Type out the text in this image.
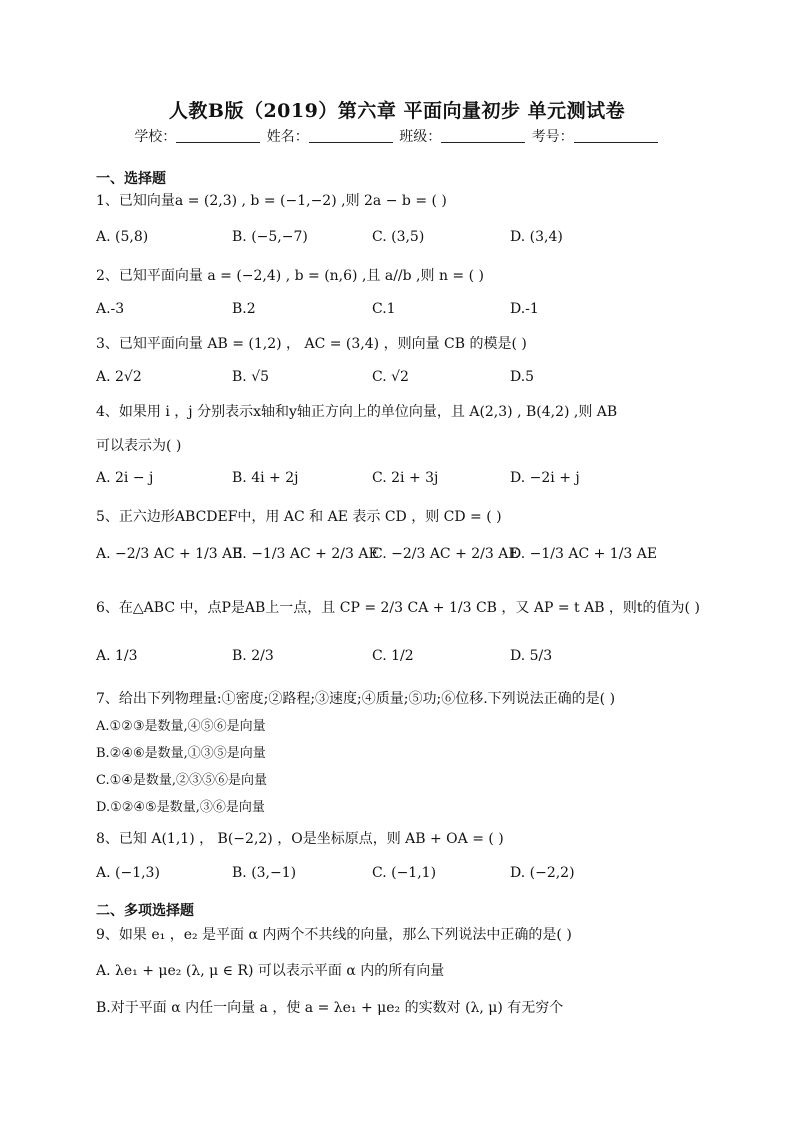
人教B版（2019）第六章 平面向量初步 单元测试卷
学校：	姓名：	班级：	考号：
一、选择题
1、已知向量a = (2,3) , b = (−1,−2) ,则 2a − b = ( )
A. (5,8)	B. (−5,−7)	C. (3,5)	D. (3,4)
2、已知平面向量 a = (−2,4) , b = (n,6) ,且 a//b ,则 n = ( )
A.-3	B.2	C.1	D.-1
3、已知平面向量 AB = (1,2) ， AC = (3,4) ，则向量 CB 的模是( )
A. 2√2	B. √5	C. √2	D.5
4、如果用 i ，j 分别表示x轴和y轴正方向上的单位向量，且 A(2,3) , B(4,2) ,则 AB
可以表示为( )
A. 2i − j	B. 4i + 2j	C. 2i + 3j	D. −2i + j
5、正六边形ABCDEF中，用 AC 和 AE 表示 CD ，则 CD = ( )
A. −2/3 AC + 1/3 AE
B. −1/3 AC + 2/3 AE
C. −2/3 AC + 2/3 AE
D. −1/3 AC + 1/3 AE
6、在△ABC 中，点P是AB上一点，且 CP = 2/3 CA + 1/3 CB ，又 AP = t AB ，则t的值为( )
A. 1/3	B. 2/3	C. 1/2	D. 5/3
7、给出下列物理量:①密度;②路程;③速度;④质量;⑤功;⑥位移.下列说法正确的是( )
A.①②③是数量,④⑤⑥是向量
B.②④⑥是数量,①③⑤是向量
C.①④是数量,②③⑤⑥是向量
D.①②④⑤是数量,③⑥是向量
8、已知 A(1,1) ， B(−2,2) ，O是坐标原点，则 AB + OA = ( )
A. (−1,3)	B. (3,−1)	C. (−1,1)	D. (−2,2)
二、多项选择题
9、如果 e₁ ，e₂ 是平面 α 内两个不共线的向量，那么下列说法中正确的是( )
A. λe₁ + μe₂ (λ, μ ∈ R) 可以表示平面 α 内的所有向量
B.对于平面 α 内任一向量 a ，使 a = λe₁ + μe₂ 的实数对 (λ, μ) 有无穷个
